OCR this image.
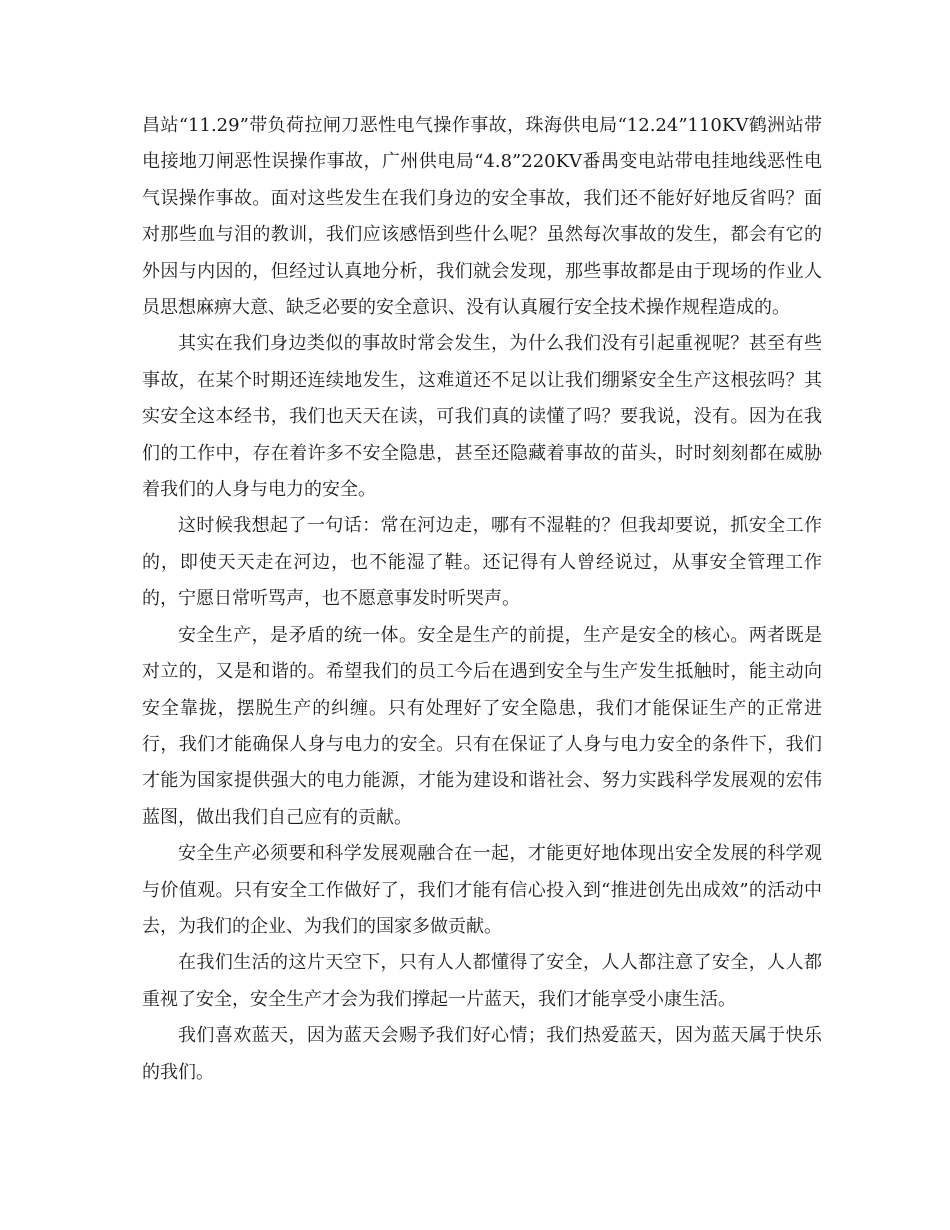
昌站“11.29”带负荷拉闸刀恶性电气操作事故，珠海供电局“12.24”110KV鹤洲站带电接地刀闸恶性误操作事故，广州供电局“4.8”220KV番禺变电站带电挂地线恶性电气误操作事故。面对这些发生在我们身边的安全事故，我们还不能好好地反省吗？面对那些血与泪的教训，我们应该感悟到些什么呢？虽然每次事故的发生，都会有它的外因与内因的，但经过认真地分析，我们就会发现，那些事故都是由于现场的作业人员思想麻痹大意、缺乏必要的安全意识、没有认真履行安全技术操作规程造成的。

其实在我们身边类似的事故时常会发生，为什么我们没有引起重视呢？甚至有些事故，在某个时期还连续地发生，这难道还不足以让我们绷紧安全生产这根弦吗？其实安全这本经书，我们也天天在读，可我们真的读懂了吗？要我说，没有。因为在我们的工作中，存在着许多不安全隐患，甚至还隐藏着事故的苗头，时时刻刻都在威胁着我们的人身与电力的安全。

这时候我想起了一句话：常在河边走，哪有不湿鞋的？但我却要说，抓安全工作的，即使天天走在河边，也不能湿了鞋。还记得有人曾经说过，从事安全管理工作的，宁愿日常听骂声，也不愿意事发时听哭声。

安全生产，是矛盾的统一体。安全是生产的前提，生产是安全的核心。两者既是对立的，又是和谐的。希望我们的员工今后在遇到安全与生产发生抵触时，能主动向安全靠拢，摆脱生产的纠缠。只有处理好了安全隐患，我们才能保证生产的正常进行，我们才能确保人身与电力的安全。只有在保证了人身与电力安全的条件下，我们才能为国家提供强大的电力能源，才能为建设和谐社会、努力实践科学发展观的宏伟蓝图，做出我们自己应有的贡献。

安全生产必须要和科学发展观融合在一起，才能更好地体现出安全发展的科学观与价值观。只有安全工作做好了，我们才能有信心投入到“推进创先出成效”的活动中去，为我们的企业、为我们的国家多做贡献。

在我们生活的这片天空下，只有人人都懂得了安全，人人都注意了安全，人人都重视了安全，安全生产才会为我们撑起一片蓝天，我们才能享受小康生活。

我们喜欢蓝天，因为蓝天会赐予我们好心情；我们热爱蓝天，因为蓝天属于快乐的我们。
